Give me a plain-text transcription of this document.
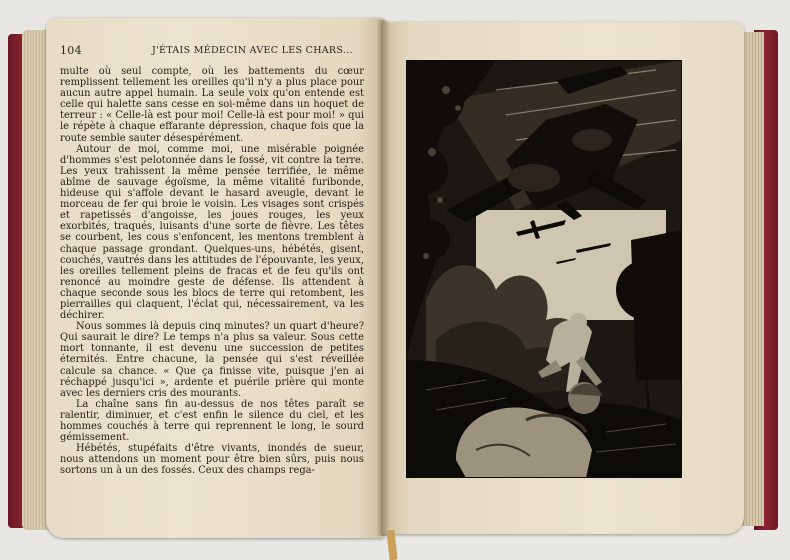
104	J'ÉTAIS MÉDECIN AVEC LES CHARS...

multe où seul compte, où les battements du cœur remplissent tellement les oreilles qu'il n'y a plus place pour aucun autre appel humain. La seule voix qu'on entende est celle qui halette sans cesse en soi-même dans un hoquet de terreur : « Celle-là est pour moi! Celle-là est pour moi! » qui le répète à chaque effarante dépression, chaque fois que la route semble sauter désespérément.

Autour de moi, comme moi, une misérable poignée d'hommes s'est pelotonnée dans le fossé, vit contre la terre. Les yeux trahissent la même pensée terrifiée, le même abîme de sauvage égoïsme, la même vitalité furibonde, hideuse qui s'affole devant le hasard aveugle, devant le morceau de fer qui broie le voisin. Les visages sont crispés et rapetissés d'angoisse, les joues rouges, les yeux exorbités, traqués, luisants d'une sorte de fièvre. Les têtes se courbent, les cous s'enfoncent, les mentons tremblent à chaque passage grondant. Quelques-uns, hébétés, gisent, couchés, vautrés dans les attitudes de l'épouvante, les yeux, les oreilles tellement pleins de fracas et de feu qu'ils ont renoncé au moindre geste de défense. Ils attendent à chaque seconde sous les blocs de terre qui retombent, les pierrailles qui claquent, l'éclat qui, nécessairement, va les déchirer.

Nous sommes là depuis cinq minutes? un quart d'heure? Qui saurait le dire? Le temps n'a plus sa valeur. Sous cette mort tonnante, il est devenu une succession de petites éternités. Entre chacune, la pensée qui s'est réveillée calcule sa chance. « Que ça finisse vite, puisque j'en ai réchappé jusqu'ici », ardente et puérile prière qui monte avec les derniers cris des mourants.

La chaîne sans fin au-dessus de nos têtes paraît se ralentir, diminuer, et c'est enfin le silence du ciel, et les hommes couchés à terre qui reprennent le long, le sourd gémissement.

Hébétés, stupéfaits d'être vivants, inondés de sueur, nous attendons un moment pour être bien sûrs, puis nous sortons un à un des fossés. Ceux des champs rega-
